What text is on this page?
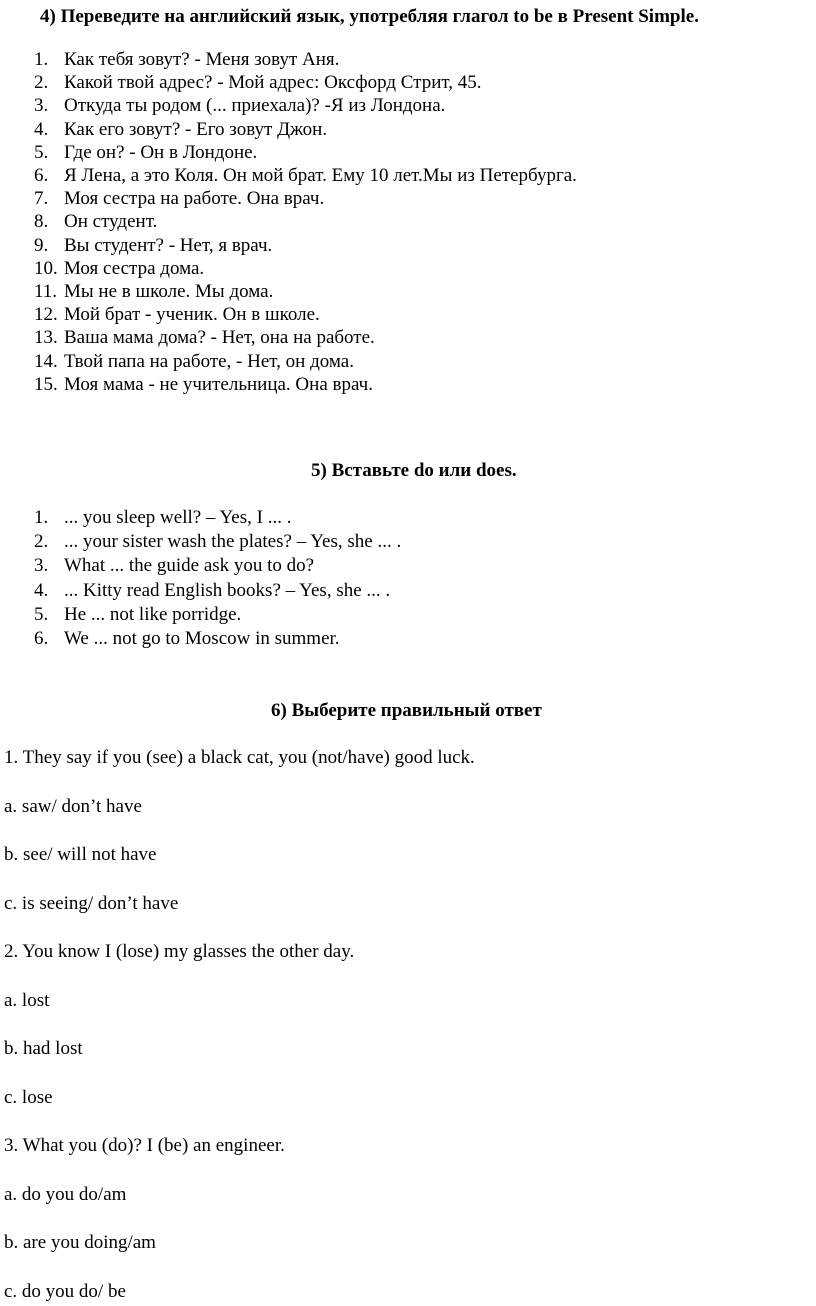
4) Переведите на английский язык, употребляя глагол to be в Present Simple.
1. Как тебя зовут? - Меня зовут Аня.
2. Какой твой адрес? - Мой адрес: Оксфорд Стрит, 45.
3. Откуда ты родом (... приехала)? -Я из Лондона.
4. Как его зовут? - Его зовут Джон.
5. Где он? - Он в Лондоне.
6. Я Лена, а это Коля. Он мой брат. Ему 10 лет.Мы из Петербурга.
7. Моя сестра на работе. Она врач.
8. Он студент.
9. Вы студент? - Нет, я врач.
10. Моя сестра дома.
11. Мы не в школе. Мы дома.
12. Мой брат - ученик. Он в школе.
13. Ваша мама дома? - Нет, она на работе.
14. Твой папа на работе, - Нет, он дома.
15. Моя мама - не учительница. Она врач.
5) Вставьте do или does.
1. ... you sleep well? – Yes, I ... .
2. ... your sister wash the plates? – Yes, she ... .
3. What ... the guide ask you to do?
4. ... Kitty read English books? – Yes, she ... .
5. He ... not like porridge.
6. We ... not go to Moscow in summer.
6) Выберите правильный ответ
1. They say if you (see) a black cat, you (not/have) good luck.
a. saw/ don’t have
b. see/ will not have
c. is seeing/ don’t have
2. You know I (lose) my glasses the other day.
a. lost
b. had lost
c. lose
3. What you (do)? I (be) an engineer.
a. do you do/am
b. are you doing/am
c. do you do/ be
